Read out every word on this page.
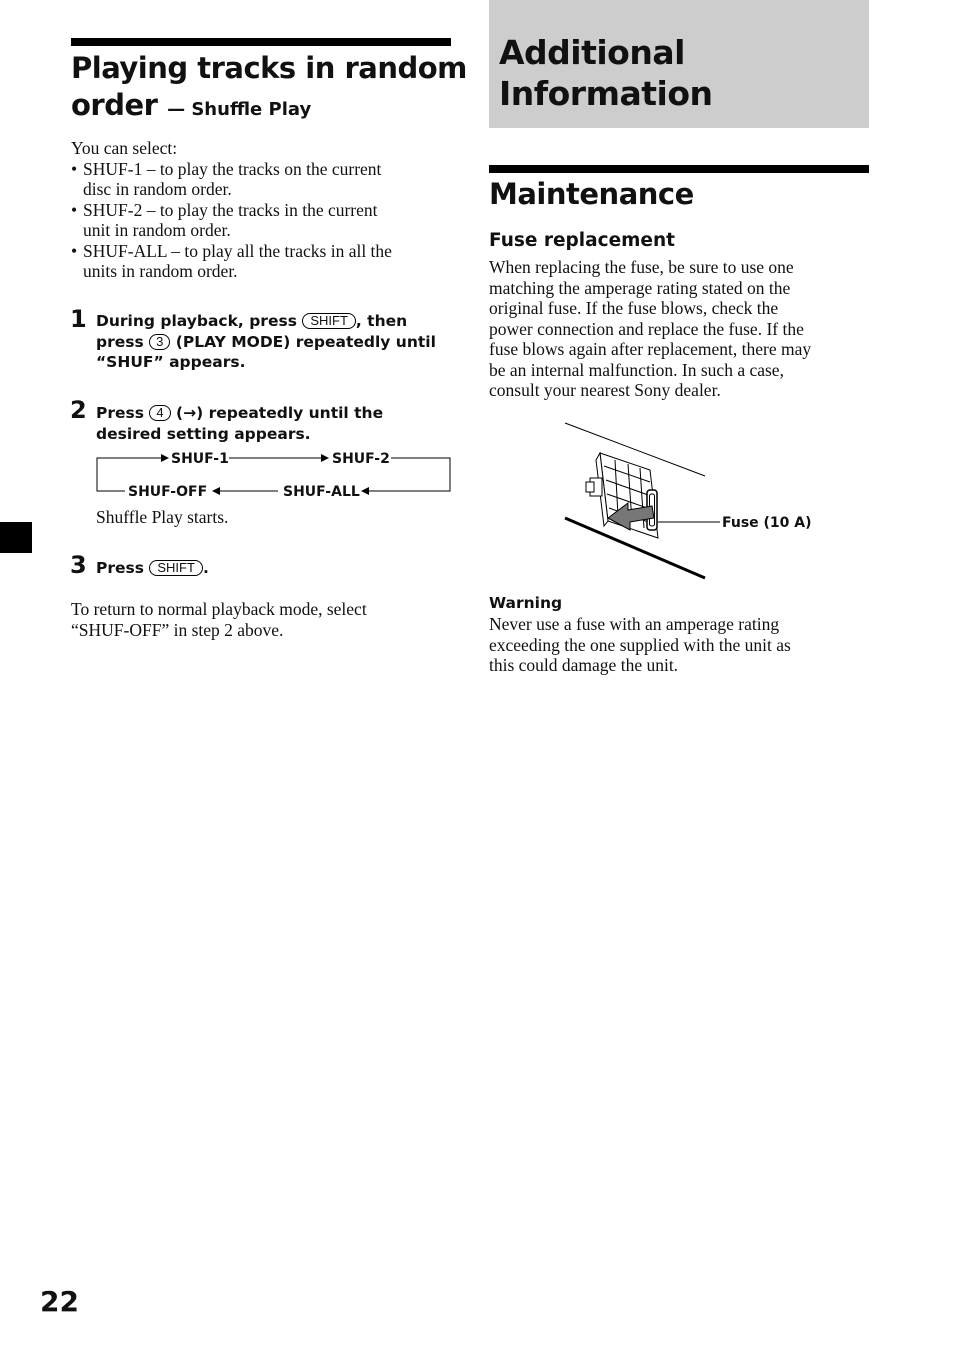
Playing tracks in random
order — Shuffle Play
You can select:
• SHUF-1 – to play the tracks on the current
disc in random order.
• SHUF-2 – to play the tracks in the current
unit in random order.
• SHUF-ALL – to play all the tracks in all the
units in random order.
1 During playback, press SHIFT , then
press 3 (PLAY MODE) repeatedly until
“SHUF” appears.
2 Press 4 (→) repeatedly until the
desired setting appears.
SHUF-1	SHUF-2
SHUF-OFF	SHUF-ALL
Shuffle Play starts.
3 Press SHIFT .
To return to normal playback mode, select
“SHUF-OFF” in step 2 above.
Additional
Information
Maintenance
Fuse replacement
When replacing the fuse, be sure to use one
matching the amperage rating stated on the
original fuse. If the fuse blows, check the
power connection and replace the fuse. If the
fuse blows again after replacement, there may
be an internal malfunction. In such a case,
consult your nearest Sony dealer.
Fuse (10 A)
Warning
Never use a fuse with an amperage rating
exceeding the one supplied with the unit as
this could damage the unit.
22
